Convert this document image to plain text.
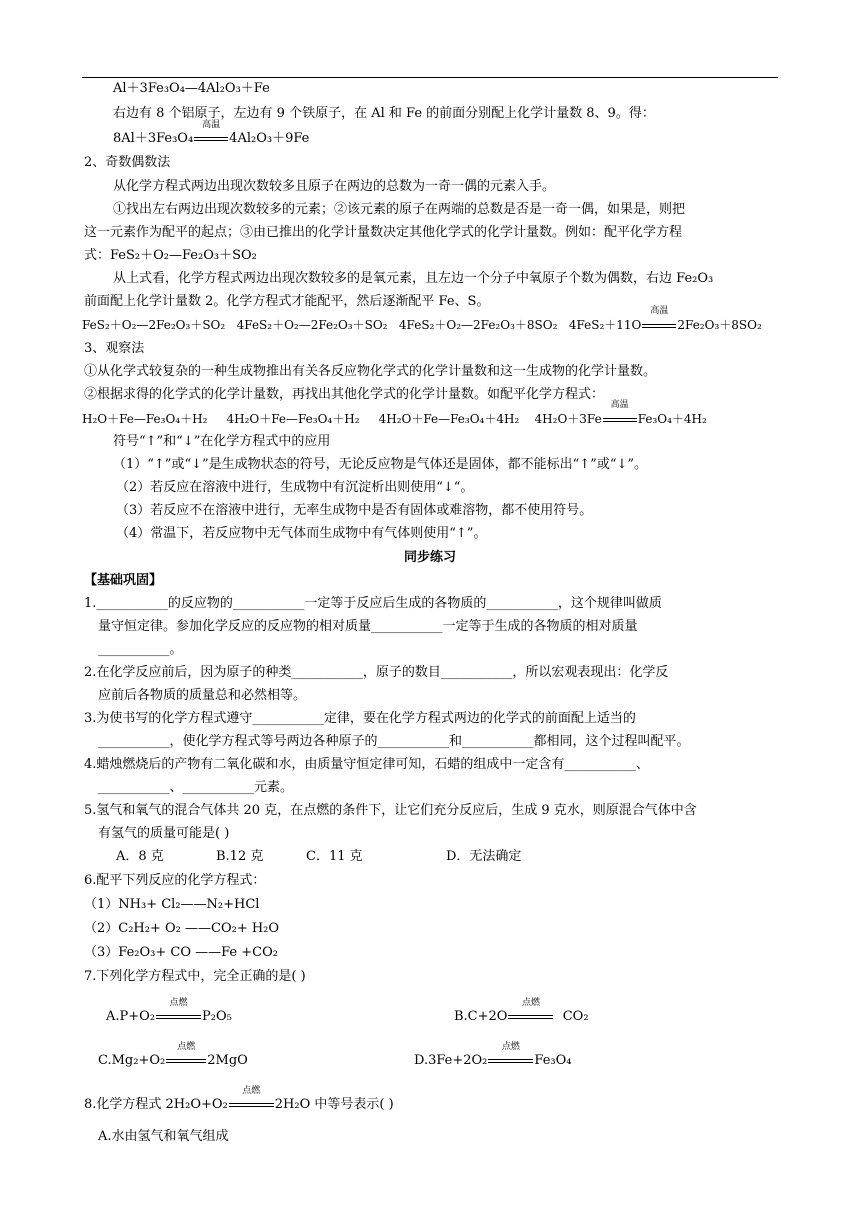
Al＋3Fe₃O₄—4Al₂O₃＋Fe
右边有 8 个铝原子，左边有 9 个铁原子，在 Al 和 Fe 的前面分别配上化学计量数 8、9。得：
8Al＋3Fe₃O₄
高温
4Al₂O₃＋9Fe
2、奇数偶数法
从化学方程式两边出现次数较多且原子在两边的总数为一奇一偶的元素入手。
①找出左右两边出现次数较多的元素；②该元素的原子在两端的总数是否是一奇一偶，如果是，则把
这一元素作为配平的起点；③由已推出的化学计量数决定其他化学式的化学计量数。例如：配平化学方程
式：FeS₂＋O₂—Fe₂O₃＋SO₂
从上式看，化学方程式两边出现次数较多的是氧元素，且左边一个分子中氧原子个数为偶数，右边 Fe₂O₃
前面配上化学计量数 2。化学方程式才能配平，然后逐渐配平 Fe、S。
FeS₂＋O₂—2Fe₂O₃＋SO₂ 4FeS₂＋O₂—2Fe₂O₃＋SO₂ 4FeS₂＋O₂—2Fe₂O₃＋8SO₂ 4FeS₂＋11O
高温
2Fe₂O₃＋8SO₂
3、观察法
①从化学式较复杂的一种生成物推出有关各反应物化学式的化学计量数和这一生成物的化学计量数。
②根据求得的化学式的化学计量数，再找出其他化学式的化学计量数。如配平化学方程式：
H₂O＋Fe—Fe₃O₄＋H₂ 4H₂O＋Fe—Fe₃O₄＋H₂ 4H₂O＋Fe—Fe₃O₄＋4H₂ 4H₂O＋3Fe
高温
Fe₃O₄＋4H₂
符号“↑”和“↓”在化学方程式中的应用
（1）“↑”或“↓”是生成物状态的符号，无论反应物是气体还是固体，都不能标出“↑”或“↓”。
（2）若反应在溶液中进行，生成物中有沉淀析出则使用“↓“。
（3）若反应不在溶液中进行，无率生成物中是否有固体或难溶物，都不使用符号。
（4）常温下，若反应物中无气体而生成物中有气体则使用“↑”。
同步练习
【基础巩固】
1.___________的反应物的___________一定等于反应后生成的各物质的___________，这个规律叫做质
量守恒定律。参加化学反应的反应物的相对质量___________一定等于生成的各物质的相对质量
___________。
2.在化学反应前后，因为原子的种类___________，原子的数目___________，所以宏观表现出：化学反
应前后各物质的质量总和必然相等。
3.为使书写的化学方程式遵守___________定律，要在化学方程式两边的化学式的前面配上适当的
___________，使化学方程式等号两边各种原子的___________和___________都相同，这个过程叫配平。
4.蜡烛燃烧后的产物有二氧化碳和水，由质量守恒定律可知，石蜡的组成中一定含有___________、
___________、___________元素。
5.氢气和氧气的混合气体共 20 克，在点燃的条件下，让它们充分反应后，生成 9 克水，则原混合气体中含
有氢气的质量可能是( )
A．8 克	B.12 克	C．11 克	D．无法确定
6.配平下列反应的化学方程式：
（1）NH₃+ Cl₂——N₂+HCl
（2）C₂H₂+ O₂ ——CO₂+ H₂O
（3）Fe₂O₃+ CO ——Fe +CO₂
7.下列化学方程式中，完全正确的是( )
A.P+O₂
点燃
P₂O₅	B.C+2O
点燃
CO₂
C.Mg₂+O₂
点燃
2MgO	D.3Fe+2O₂
点燃
Fe₃O₄
8.化学方程式 2H₂O+O₂
点燃
2H₂O 中等号表示( )
A.水由氢气和氧气组成
